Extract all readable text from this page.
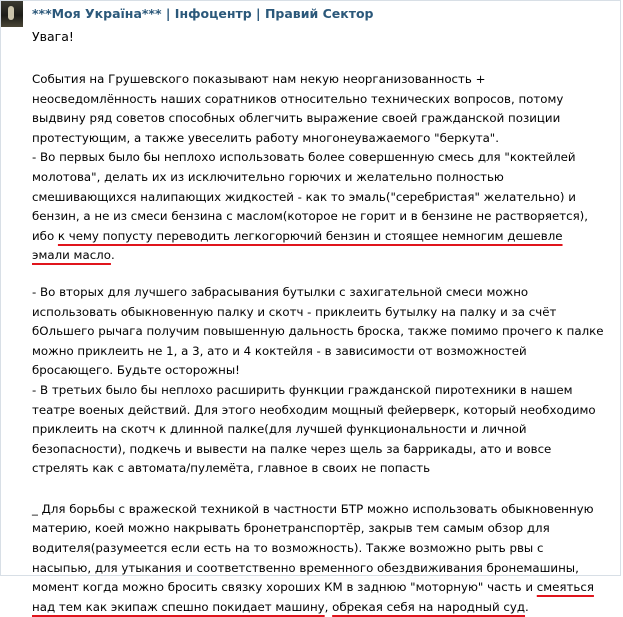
***Моя Україна*** | Інфоцентр | Правий Сектор
Увага!

События на Грушевского показывают нам некую неорганизованность + неосведомлённость наших соратников относительно технических вопросов, потому выдвину ряд советов способных облегчить выражение своей гражданской позиции протестующим, а также увеселить работу многонеуважаемого "беркута".

- Во первых было бы неплохо использовать более совершенную смесь для "коктейлей молотова", делать их из исключительно горючих и желательно полностью смешивающихся налипающих жидкостей - как то эмаль("серебристая" желательно) и бензин, а не из смеси бензина с маслом(которое не горит и в бензине не растворяется), ибо к чему попусту переводить легкогорючий бензин и стоящее немногим дешевле эмали масло.

- Во вторых для лучшего забрасывания бутылки с захигательной смеси можно использовать обыкновенную палку и скотч - приклеить бутылку на палку и за счёт бОльшего рычага получим повышенную дальность броска, также помимо прочего к палке можно приклеить не 1, а 3, ато и 4 коктейля - в зависимости от возможностей бросающего. Будьте осторожны!

- В третьих было бы неплохо расширить функции гражданской пиротехники в нашем театре военых действий. Для этого необходим мощный фейерверк, который необходимо приклеить на скотч к длинной палке(для лучшей функциональности и личной безопасности), подкечь и вывести на палке через щель за баррикады, ато и вовсе стрелять как с автомата/пулемёта, главное в своих не попасть

_ Для борьбы с вражеской техникой в частности БТР можно использовать обыкновенную материю, коей можно накрывать бронетранспортёр, закрыв тем самым обзор для водителя(разумеется если есть на то возможность). Также возможно рыть рвы с насыпью, для утыкания и соответственно временного обездвиживания бронемашины, момент когда можно бросить связку хороших КМ в заднюю "моторную" часть и смеяться над тем как экипаж спешно покидает машину, обрекая себя на народный суд.
